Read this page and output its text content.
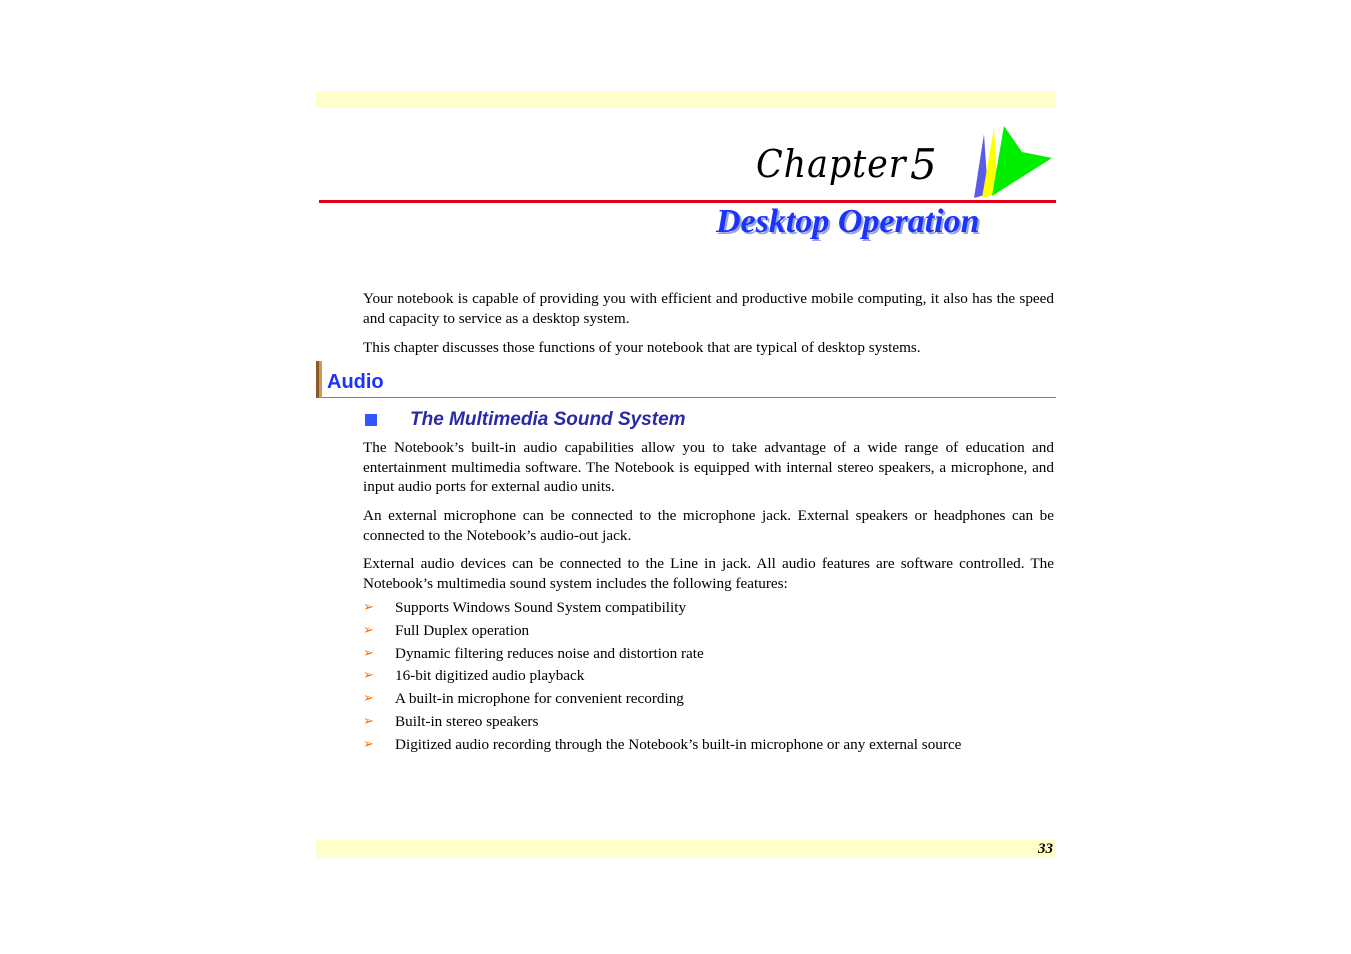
Chapter 5
Desktop Operation

Your notebook is capable of providing you with efficient and productive mobile computing, it also has the speed and capacity to service as a desktop system.

This chapter discusses those functions of your notebook that are typical of desktop systems.

Audio
The Multimedia Sound System

The Notebook’s built-in audio capabilities allow you to take advantage of a wide range of education and entertainment multimedia software. The Notebook is equipped with internal stereo speakers, a microphone, and input audio ports for external audio units.

An external microphone can be connected to the microphone jack. External speakers or headphones can be connected to the Notebook’s audio-out jack.

External audio devices can be connected to the Line in jack. All audio features are software controlled. The Notebook’s multimedia sound system includes the following features:

➢ Supports Windows Sound System compatibility
➢ Full Duplex operation
➢ Dynamic filtering reduces noise and distortion rate
➢ 16-bit digitized audio playback
➢ A built-in microphone for convenient recording
➢ Built-in stereo speakers
➢ Digitized audio recording through the Notebook’s built-in microphone or any external source
33
